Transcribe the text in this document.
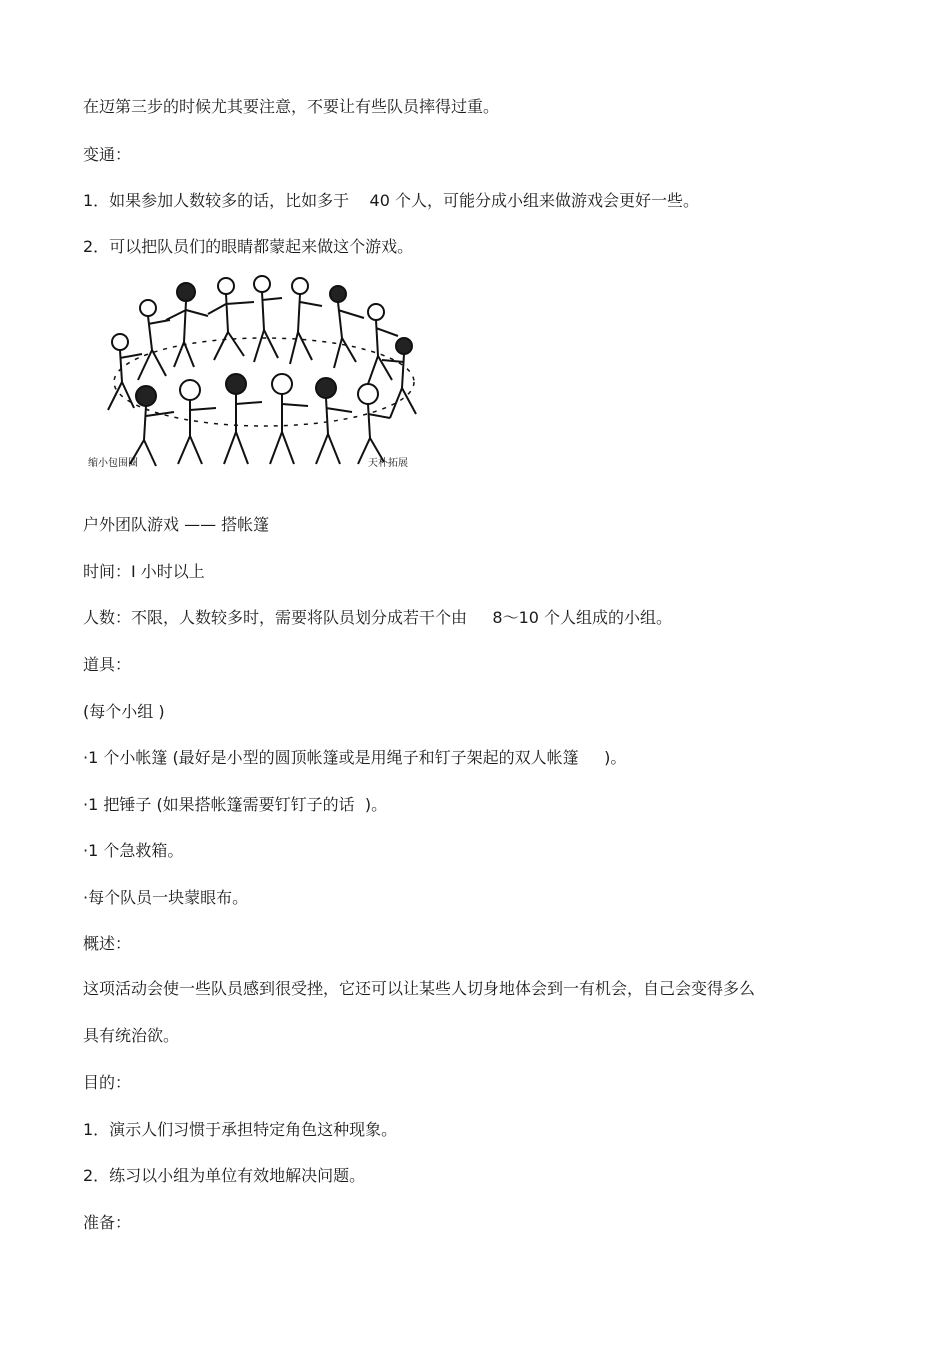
在迈第三步的时候尤其要注意，不要让有些队员摔得过重。

变通：

1．如果参加人数较多的话，比如多于    40 个人，可能分成小组来做游戏会更好一些。

2．可以把队员们的眼睛都蒙起来做这个游戏。

缩小包围圈	天朴拓展

户外团队游戏 —— 搭帐篷

时间：I 小时以上

人数：不限，人数较多时，需要将队员划分成若干个由     8～10 个人组成的小组。

道具：

(每个小组 )

·1 个小帐篷 (最好是小型的圆顶帐篷或是用绳子和钉子架起的双人帐篷     )。

·1 把锤子 (如果搭帐篷需要钉钉子的话  )。

·1 个急救箱。

·每个队员一块蒙眼布。

概述：

这项活动会使一些队员感到很受挫，它还可以让某些人切身地体会到一有机会，自己会变得多么

具有统治欲。

目的：

1．演示人们习惯于承担特定角色这种现象。

2．练习以小组为单位有效地解决问题。

准备：
